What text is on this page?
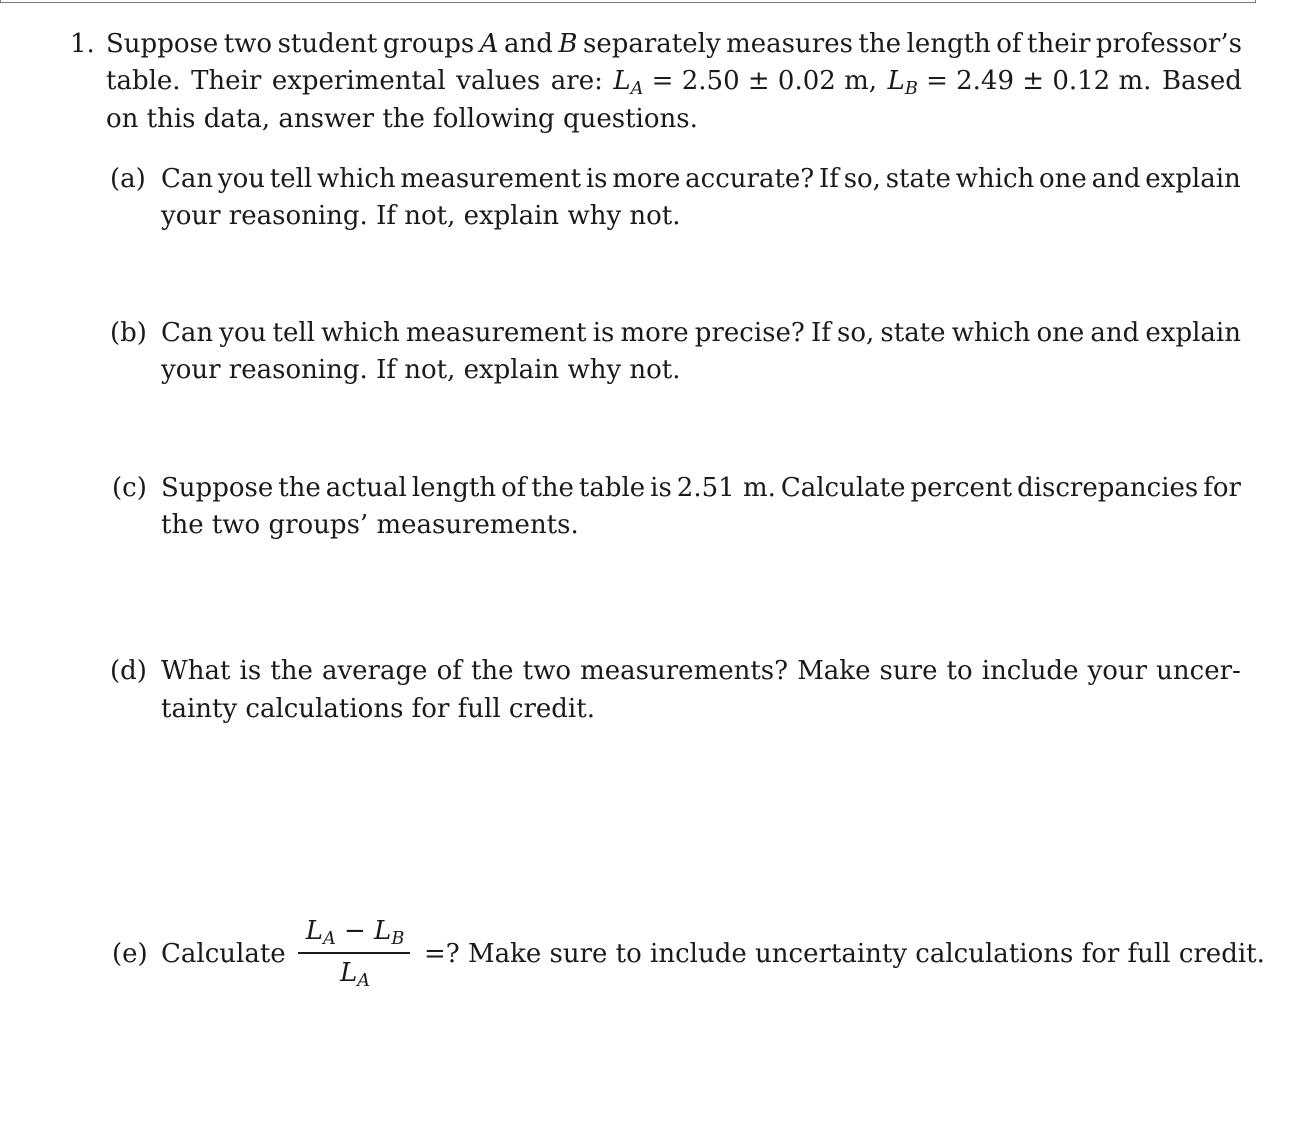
1. Suppose two student groups A and B separately measures the length of their professor’s
table. Their experimental values are: $L_A = 2.50 \pm 0.02$ m, $L_B = 2.49 \pm 0.12$ m. Based
on this data, answer the following questions.
(a) Can you tell which measurement is more accurate? If so, state which one and explain
your reasoning. If not, explain why not.
(b) Can you tell which measurement is more precise? If so, state which one and explain
your reasoning. If not, explain why not.
(c) Suppose the actual length of the table is 2.51 m. Calculate percent discrepancies for
the two groups’ measurements.
(d) What is the average of the two measurements? Make sure to include your uncer-
tainty calculations for full credit.
(e) Calculate
$L_A - L_B$
$L_A$
=? Make sure to include uncertainty calculations for full credit.
